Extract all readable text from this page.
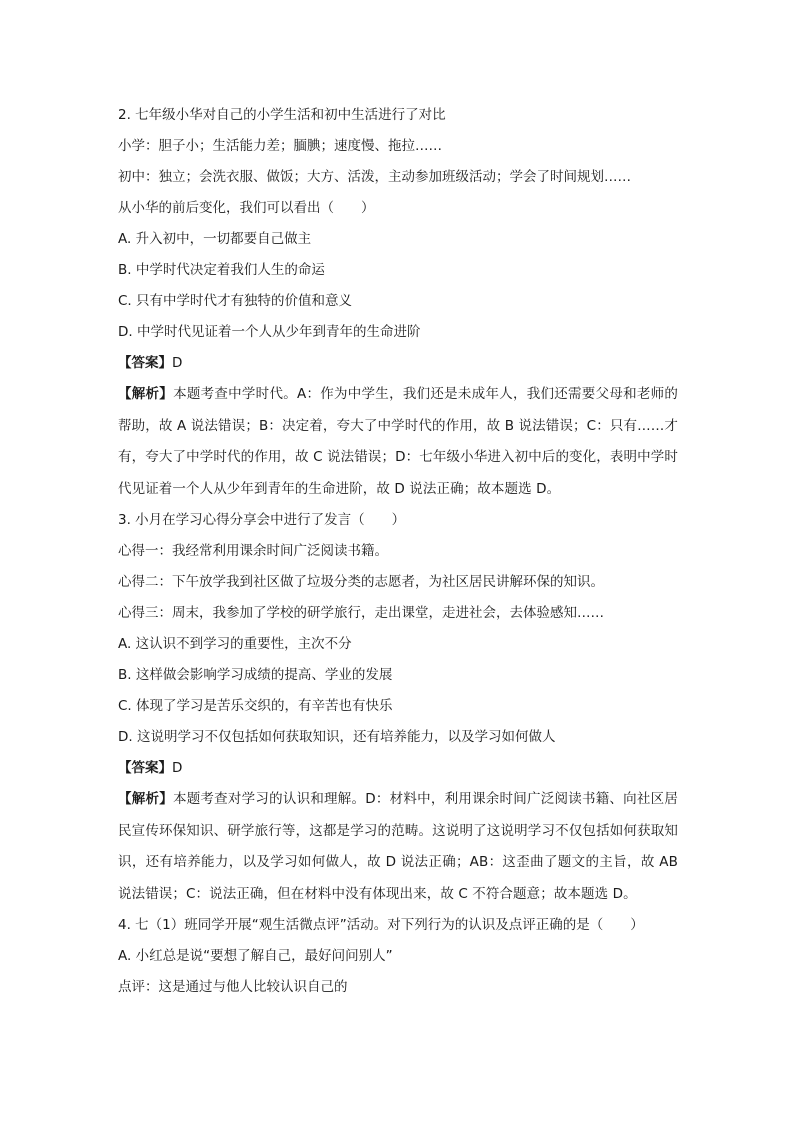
2. 七年级小华对自己的小学生活和初中生活进行了对比
小学：胆子小；生活能力差；腼腆；速度慢、拖拉……
初中：独立；会洗衣服、做饭；大方、活泼，主动参加班级活动；学会了时间规划……
从小华的前后变化，我们可以看出（　　）
A. 升入初中，一切都要自己做主
B. 中学时代决定着我们人生的命运
C. 只有中学时代才有独特的价值和意义
D. 中学时代见证着一个人从少年到青年的生命进阶
【答案】D
【解析】本题考查中学时代。A：作为中学生，我们还是未成年人，我们还需要父母和老师的帮助，故 A 说法错误；B：决定着，夸大了中学时代的作用，故 B 说法错误；C：只有……才有，夸大了中学时代的作用，故 C 说法错误；D：七年级小华进入初中后的变化，表明中学时代见证着一个人从少年到青年的生命进阶，故 D 说法正确；故本题选 D。
3. 小月在学习心得分享会中进行了发言（　　）
心得一：我经常利用课余时间广泛阅读书籍。
心得二：下午放学我到社区做了垃圾分类的志愿者，为社区居民讲解环保的知识。
心得三：周末，我参加了学校的研学旅行，走出课堂，走进社会，去体验感知……
A. 这认识不到学习的重要性，主次不分
B. 这样做会影响学习成绩的提高、学业的发展
C. 体现了学习是苦乐交织的，有辛苦也有快乐
D. 这说明学习不仅包括如何获取知识，还有培养能力，以及学习如何做人
【答案】D
【解析】本题考查对学习的认识和理解。D：材料中，利用课余时间广泛阅读书籍、向社区居民宣传环保知识、研学旅行等，这都是学习的范畴。这说明了这说明学习不仅包括如何获取知识，还有培养能力，以及学习如何做人，故 D 说法正确；AB：这歪曲了题文的主旨，故 AB 说法错误；C：说法正确，但在材料中没有体现出来，故 C 不符合题意；故本题选 D。
4. 七（1）班同学开展“观生活微点评”活动。对下列行为的认识及点评正确的是（　　）
A. 小红总是说“要想了解自己，最好问问别人”
点评：这是通过与他人比较认识自己的
